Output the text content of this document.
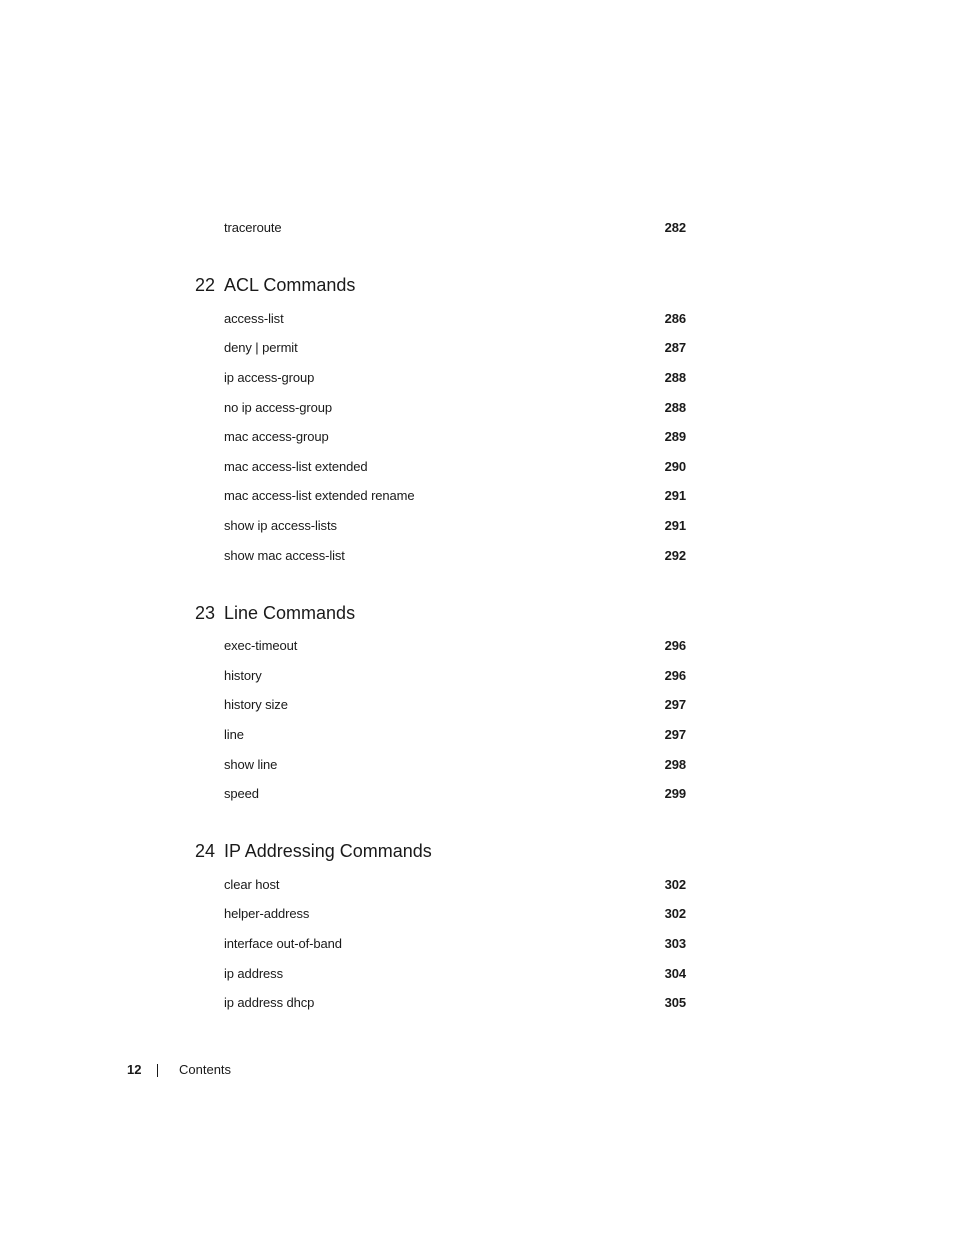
traceroute	282
22 ACL Commands
access-list	286
deny | permit	287
ip access-group	288
no ip access-group	288
mac access-group	289
mac access-list extended	290
mac access-list extended rename	291
show ip access-lists	291
show mac access-list	292
23 Line Commands
exec-timeout	296
history	296
history size	297
line	297
show line	298
speed	299
24 IP Addressing Commands
clear host	302
helper-address	302
interface out-of-band	303
ip address	304
ip address dhcp	305
12	Contents
